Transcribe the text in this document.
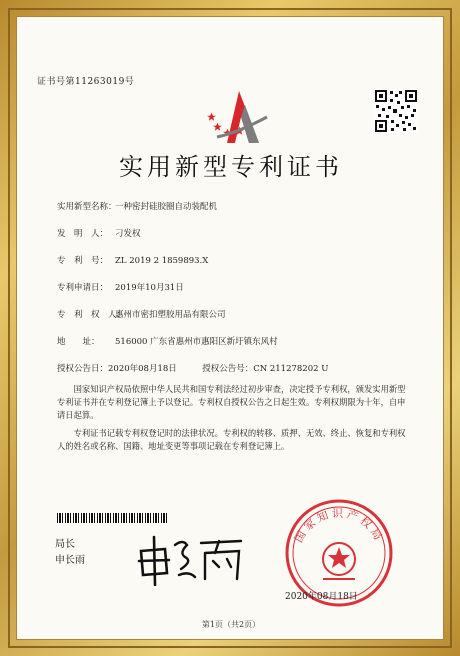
证书号第11263019号
实用新型专利证书
实用新型名称：一种密封硅胶圈自动装配机
发　明　人： 刁发权
专　利　号： ZL 2019 2 1859893.X
专利申请日： 2019年10月31日
专　利　权　人：惠州市密扣塑胶用品有限公司
地　　址： 516000 广东省惠州市惠阳区新圩镇东风村
授权公告日：2020年08月18日	授权公告号：CN 211278202 U
国家知识产权局依照中华人民共和国专利法经过初步审查，决定授予专利权，颁发实用新型专利证书并在专利登记簿上予以登记。专利权自授权公告之日起生效。专利权期限为十年，自申请日起算。
专利证书记载专利权登记时的法律状况。专利权的转移、质押、无效、终止、恢复和专利权人的姓名或名称、国籍、地址变更等事项记载在专利登记簿上。
局长
申长雨
国家知识产权局
2020年08月18日
第1页（共2页）
